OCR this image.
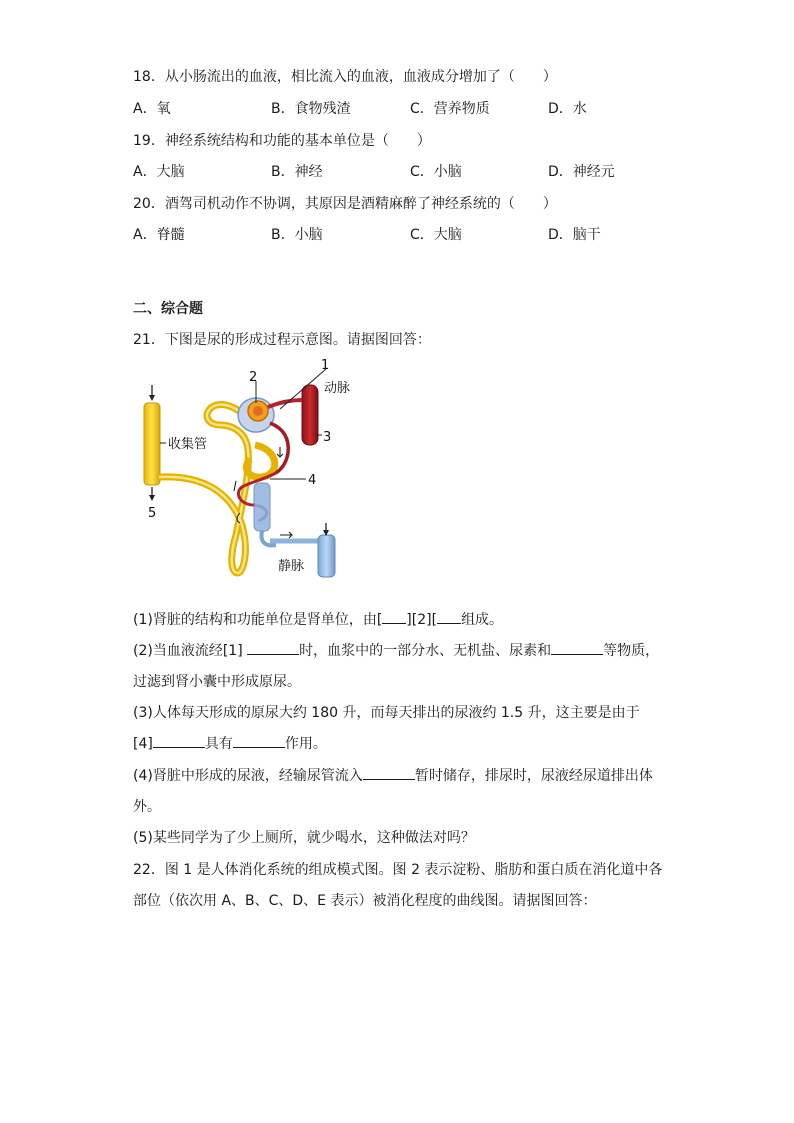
18．从小肠流出的血液，相比流入的血液，血液成分增加了（　　）
A．氧	B．食物残渣	C．营养物质	D．水
19．神经系统结构和功能的基本单位是（　　）
A．大脑	B．神经	C．小脑	D．神经元
20．酒驾司机动作不协调，其原因是酒精麻醉了神经系统的（　　）
A．脊髓	B．小脑	C．大脑	D．脑干
二、综合题
21．下图是尿的形成过程示意图。请据图回答：
1
2
3
4
5
动脉
静脉
收集管
(1)肾脏的结构和功能单位是肾单位，由[ ][2][ 组成。
(2)当血液流经[1]	时，血浆中的一部分水、无机盐、尿素和	等物质，
过滤到肾小囊中形成原尿。
(3)人体每天形成的原尿大约 180 升，而每天排出的尿液约 1.5 升，这主要是由于
[4]	具有	作用。
(4)肾脏中形成的尿液，经输尿管流入	暂时储存，排尿时，尿液经尿道排出体
外。
(5)某些同学为了少上厕所，就少喝水，这种做法对吗？
22．图 1 是人体消化系统的组成模式图。图 2 表示淀粉、脂肪和蛋白质在消化道中各
部位（依次用 A、B、C、D、E 表示）被消化程度的曲线图。请据图回答：
